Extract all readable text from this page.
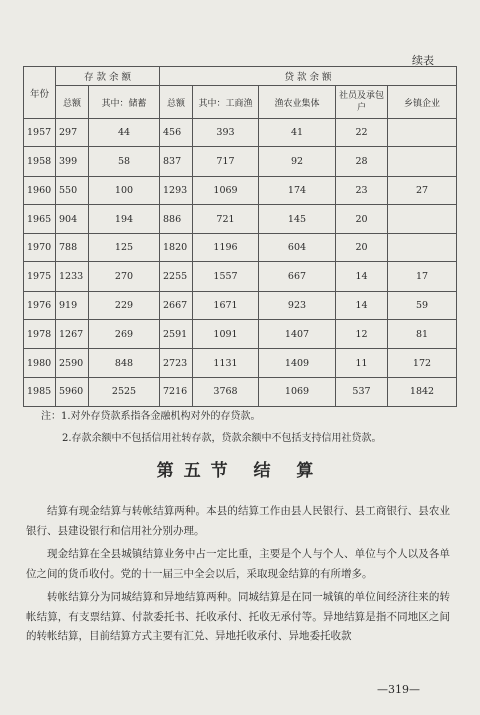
续表
年份	存 款 余 额		贷 款 余 额				
	总额	其中：储蓄	总额	其中：工商渔	渔农业集体	社员及承包户	乡镇企业
1957	297	44	456	393	41	22	
1958	399	58	837	717	92	28	
1960	550	100	1293	1069	174	23	27
1965	904	194	886	721	145	20	
1970	788	125	1820	1196	604	20	
1975	1233	270	2255	1557	667	14	17
1976	919	229	2667	1671	923	14	59
1978	1267	269	2591	1091	1407	12	81
1980	2590	848	2723	1131	1409	11	172
1985	5960	2525	7216	3768	1069	537	1842
注：1.对外存贷款系指各金融机构对外的存贷款。
2.存款余额中不包括信用社转存款，贷款余额中不包括支持信用社贷款。
第五节 结 算

结算有现金结算与转帐结算两种。本县的结算工作由县人民银行、县工商银行、县农业银行、县建设银行和信用社分别办理。

现金结算在全县城镇结算业务中占一定比重，主要是个人与个人、单位与个人以及各单位之间的货币收付。党的十一届三中全会以后，采取现金结算的有所增多。

转帐结算分为同城结算和异地结算两种。同城结算是在同一城镇的单位间经济往来的转帐结算，有支票结算、付款委托书、托收承付、托收无承付等。异地结算是指不同地区之间的转帐结算，目前结算方式主要有汇兑、异地托收承付、异地委托收款

—319—
